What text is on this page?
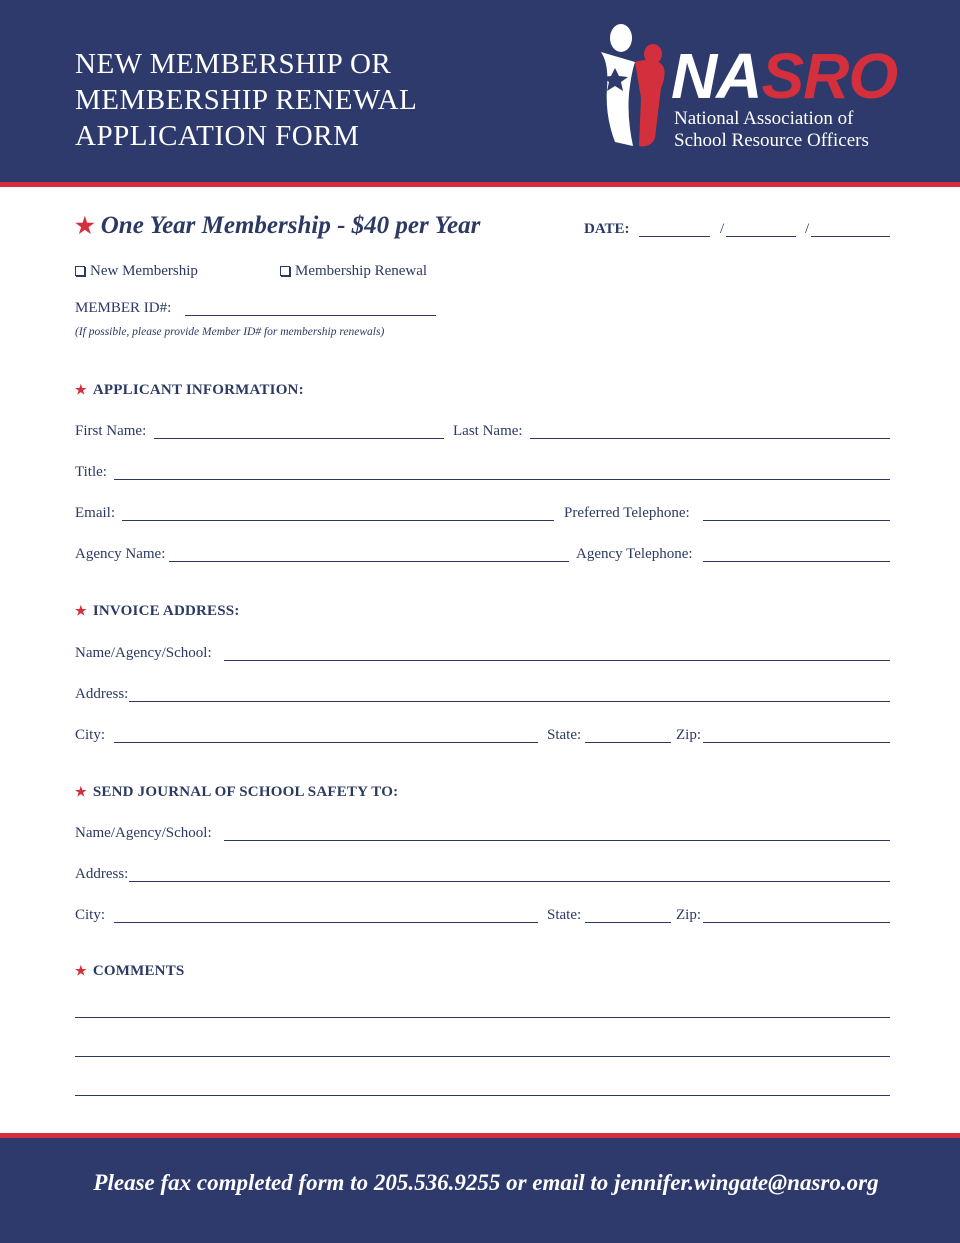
NEW MEMBERSHIP OR
MEMBERSHIP RENEWAL
APPLICATION FORM
NASRO
National Association of
School Resource Officers
★ One Year Membership - $40 per Year	DATE:	/	/
New Membership	Membership Renewal
MEMBER ID#:
(If possible, please provide Member ID# for membership renewals)
★ APPLICANT INFORMATION:
First Name:	Last Name:
Title:
Email:	Preferred Telephone:
Agency Name:	Agency Telephone:
★ INVOICE ADDRESS:
Name/Agency/School:
Address:
City:	State:	Zip:
★ SEND JOURNAL OF SCHOOL SAFETY TO:
Name/Agency/School:
Address:
City:	State:	Zip:
★ COMMENTS
Please fax completed form to 205.536.9255 or email to jennifer.wingate@nasro.org
